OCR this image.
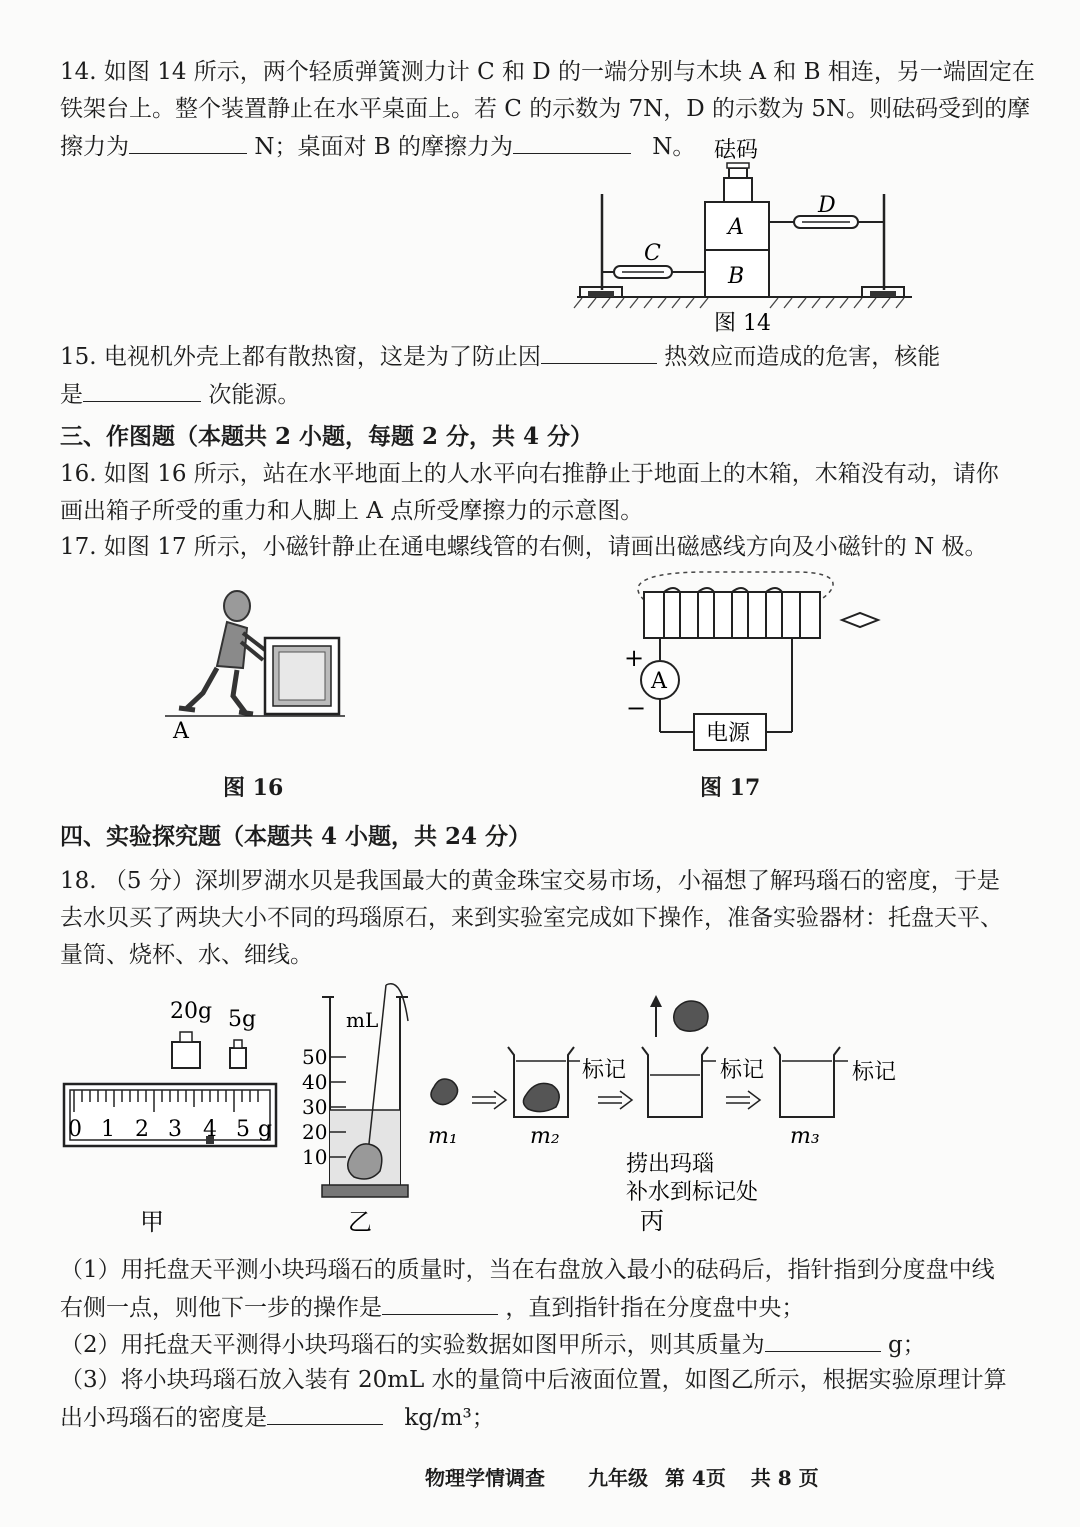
14. 如图 14 所示，两个轻质弹簧测力计 C 和 D 的一端分别与木块 A 和 B 相连，另一端固定在
铁架台上。整个装置静止在水平桌面上。若 C 的示数为 7N，D 的示数为 5N。则砝码受到的摩
擦力为	N；桌面对 B 的摩擦力为	N。 砝码
A
B
C
D
图 14
15. 电视机外壳上都有散热窗，这是为了防止因	热效应而造成的危害，核能
是	次能源。
三、作图题（本题共 2 小题，每题 2 分，共 4 分）
16. 如图 16 所示，站在水平地面上的人水平向右推静止于地面上的木箱，木箱没有动，请你
画出箱子所受的重力和人脚上 A 点所受摩擦力的示意图。
17. 如图 17 所示，小磁针静止在通电螺线管的右侧，请画出磁感线方向及小磁针的 N 极。
A
图 16
A
+
−
电源
图 17
四、实验探究题（本题共 4 小题，共 24 分）
18. （5 分）深圳罗湖水贝是我国最大的黄金珠宝交易市场，小福想了解玛瑙石的密度，于是
去水贝买了两块大小不同的玛瑙原石，来到实验室完成如下操作，准备实验器材：托盘天平、
量筒、烧杯、水、细线。
20g 5g
0 1 2 3 4 5 g
甲
mL
50
40
30
20
10
乙
m₁
标记
m₂
标记	标记
m₃
捞出玛瑙
补水到标记处
丙
（1）用托盘天平测小块玛瑙石的质量时，当在右盘放入最小的砝码后，指针指到分度盘中线
右侧一点，则他下一步的操作是	，直到指针指在分度盘中央；
（2）用托盘天平测得小块玛瑙石的实验数据如图甲所示，则其质量为	g；
（3）将小块玛瑙石放入装有 20mL 水的量筒中后液面位置，如图乙所示，根据实验原理计算
出小玛瑙石的密度是	kg/m³；
物理学情调查 九年级 第 4页 共 8 页
